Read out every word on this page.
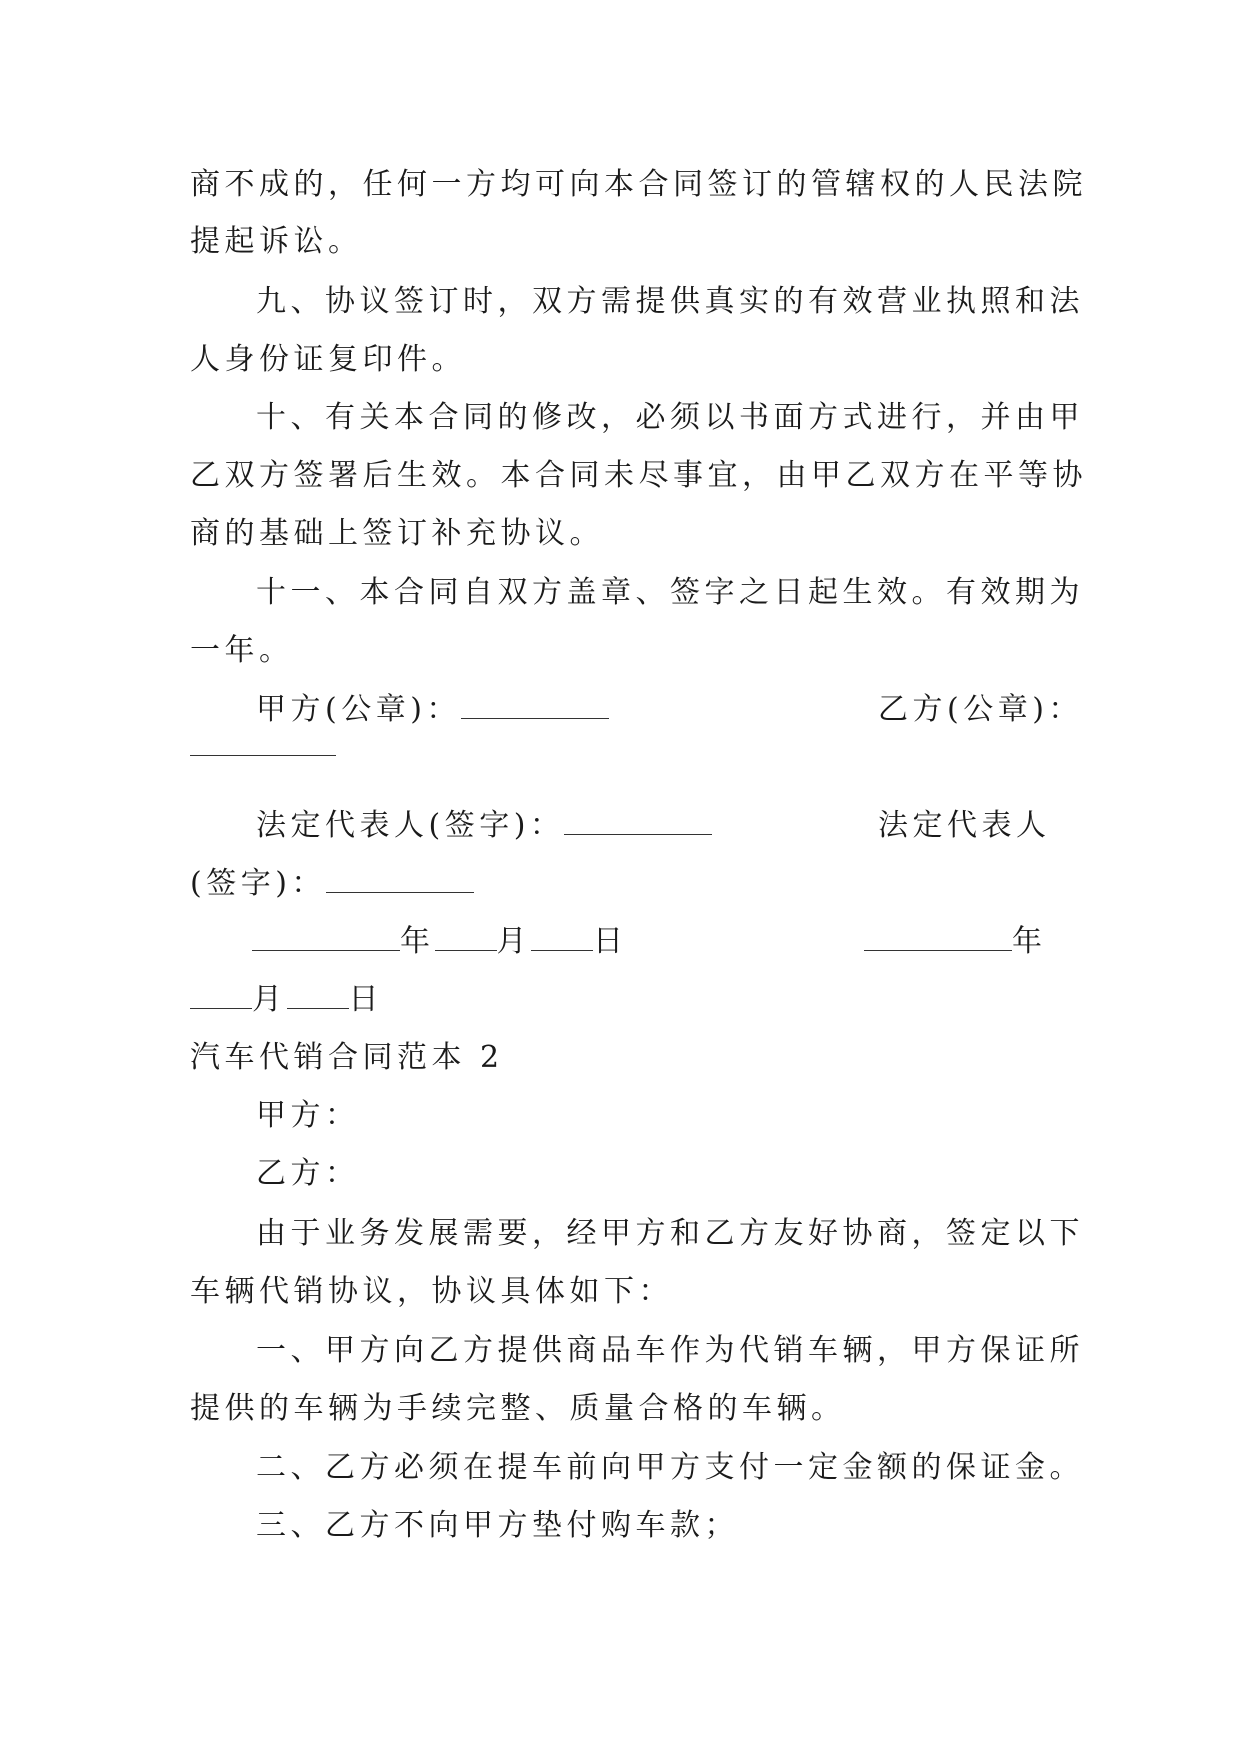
商不成的，任何一方均可向本合同签订的管辖权的人民法院
提起诉讼。
九、协议签订时，双方需提供真实的有效营业执照和法
人身份证复印件。
十、有关本合同的修改，必须以书面方式进行，并由甲
乙双方签署后生效。本合同未尽事宜，由甲乙双方在平等协
商的基础上签订补充协议。
十一、本合同自双方盖章、签字之日起生效。有效期为
一年。
甲方(公章)：	乙方(公章)：
法定代表人(签字)：	法定代表人
(签字)：
年 月 日	年
月 日
汽车代销合同范本 2
甲方：
乙方：
由于业务发展需要，经甲方和乙方友好协商，签定以下
车辆代销协议，协议具体如下：
一、甲方向乙方提供商品车作为代销车辆，甲方保证所
提供的车辆为手续完整、质量合格的车辆。
二、乙方必须在提车前向甲方支付一定金额的保证金。
三、乙方不向甲方垫付购车款；
